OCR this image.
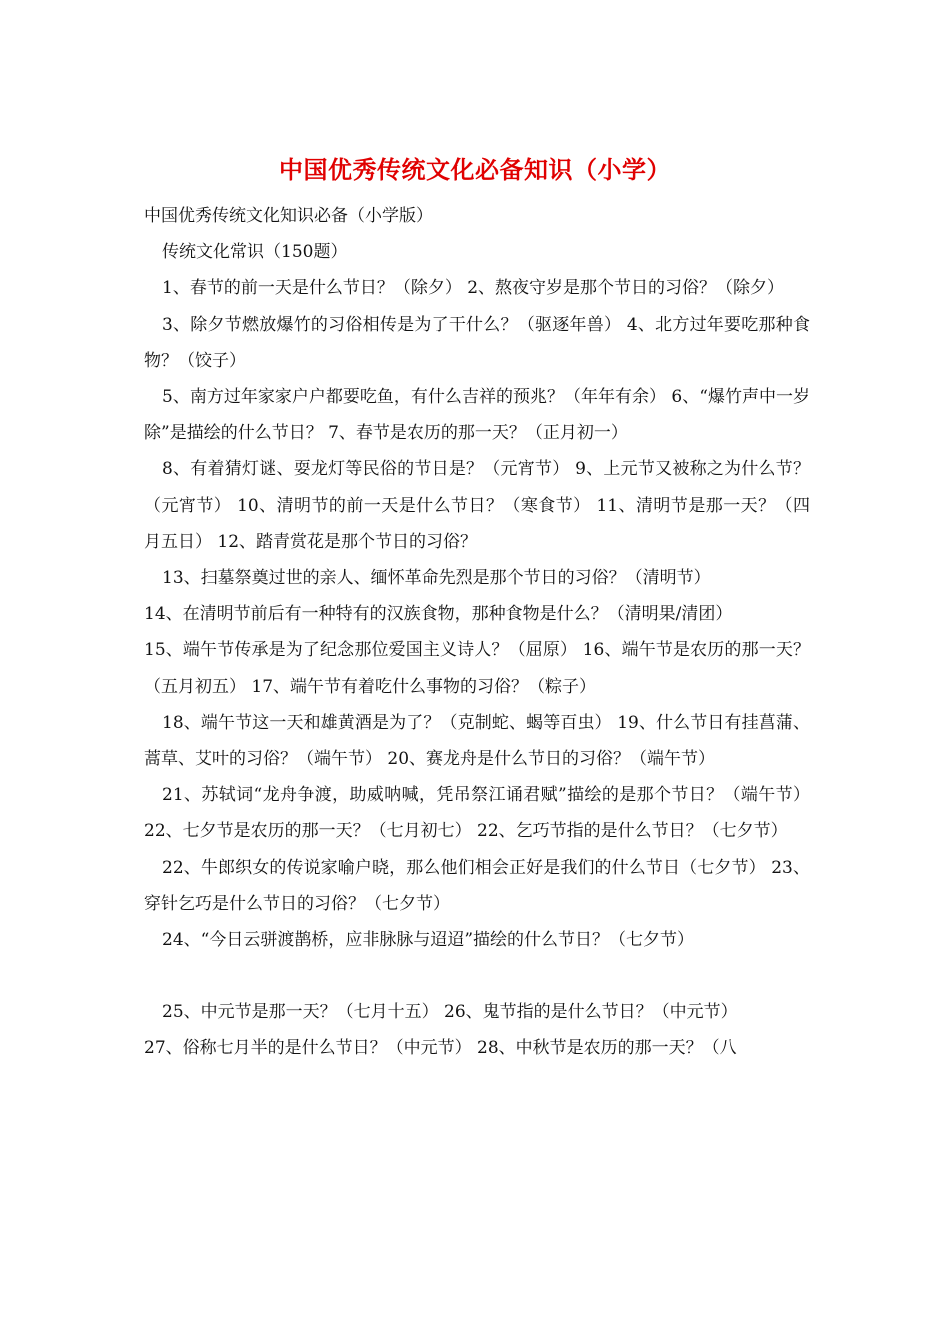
中国优秀传统文化必备知识（小学）

中国优秀传统文化知识必备（小学版）

传统文化常识（150题）

1、春节的前一天是什么节日？（除夕） 2、熬夜守岁是那个节日的习俗？（除夕）

3、除夕节燃放爆竹的习俗相传是为了干什么？（驱逐年兽） 4、北方过年要吃那种食物？（饺子）

5、南方过年家家户户都要吃鱼，有什么吉祥的预兆？（年年有余） 6、“爆竹声中一岁除”是描绘的什么节日？ 7、春节是农历的那一天？（正月初一）

8、有着猜灯谜、耍龙灯等民俗的节日是？（元宵节） 9、上元节又被称之为什么节？（元宵节） 10、清明节的前一天是什么节日？（寒食节） 11、清明节是那一天？（四月五日） 12、踏青赏花是那个节日的习俗？

13、扫墓祭奠过世的亲人、缅怀革命先烈是那个节日的习俗？（清明节）

14、在清明节前后有一种特有的汉族食物，那种食物是什么？（清明果/清团）

15、端午节传承是为了纪念那位爱国主义诗人？（屈原） 16、端午节是农历的那一天？（五月初五） 17、端午节有着吃什么事物的习俗？（粽子）

18、端午节这一天和雄黄酒是为了？（克制蛇、蝎等百虫） 19、什么节日有挂菖蒲、蒿草、艾叶的习俗？（端午节） 20、赛龙舟是什么节日的习俗？（端午节）

21、苏轼词“龙舟争渡，助威呐喊，凭吊祭江诵君赋”描绘的是那个节日？（端午节） 22、七夕节是农历的那一天？（七月初七） 22、乞巧节指的是什么节日？（七夕节）

22、牛郎织女的传说家喻户晓，那么他们相会正好是我们的什么节日（七夕节） 23、穿针乞巧是什么节日的习俗？（七夕节）

24、“今日云骈渡鹊桥，应非脉脉与迢迢”描绘的什么节日？（七夕节）

25、中元节是那一天？（七月十五） 26、鬼节指的是什么节日？（中元节）

27、俗称七月半的是什么节日？（中元节） 28、中秋节是农历的那一天？（八
